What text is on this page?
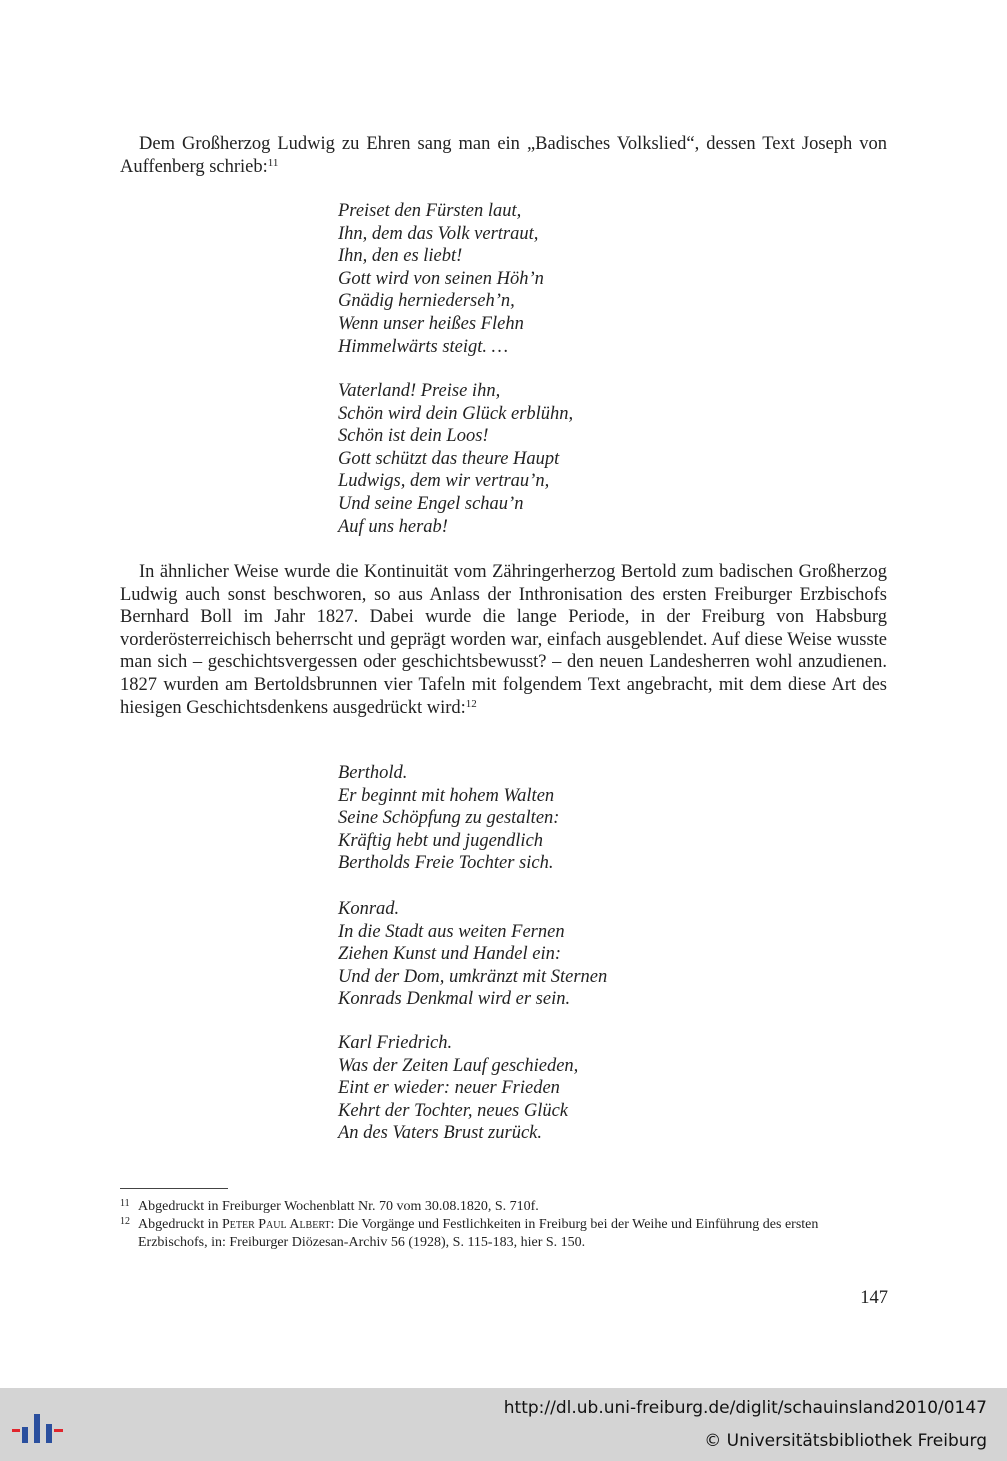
Dem Großherzog Ludwig zu Ehren sang man ein „Badisches Volkslied“, dessen Text Joseph von Auffenberg schrieb:$^{11}$

Preiset den Fürsten laut,
Ihn, dem das Volk vertraut,
Ihn, den es liebt!
Gott wird von seinen Höh’n
Gnädig herniederseh’n,
Wenn unser heißes Flehn
Himmelwärts steigt. …
Vaterland! Preise ihn,
Schön wird dein Glück erblühn,
Schön ist dein Loos!
Gott schützt das theure Haupt
Ludwigs, dem wir vertrau’n,
Und seine Engel schau’n
Auf uns herab!

In ähnlicher Weise wurde die Kontinuität vom Zähringerherzog Bertold zum badischen Großherzog Ludwig auch sonst beschworen, so aus Anlass der Inthronisation des ersten Freiburger Erzbischofs Bernhard Boll im Jahr 1827. Dabei wurde die lange Periode, in der Freiburg von Habsburg vorderösterreichisch beherrscht und geprägt worden war, einfach ausgeblendet. Auf diese Weise wusste man sich – geschichtsvergessen oder geschichtsbewusst? – den neuen Landesherren wohl anzudienen. 1827 wurden am Bertoldsbrunnen vier Tafeln mit folgendem Text angebracht, mit dem diese Art des hiesigen Geschichtsdenkens ausgedrückt wird:$^{12}$

Berthold.
Er beginnt mit hohem Walten
Seine Schöpfung zu gestalten:
Kräftig hebt und jugendlich
Bertholds Freie Tochter sich.
Konrad.
In die Stadt aus weiten Fernen
Ziehen Kunst und Handel ein:
Und der Dom, umkränzt mit Sternen
Konrads Denkmal wird er sein.
Karl Friedrich.
Was der Zeiten Lauf geschieden,
Eint er wieder: neuer Frieden
Kehrt der Tochter, neues Glück
An des Vaters Brust zurück.

11 Abgedruckt in Freiburger Wochenblatt Nr. 70 vom 30.08.1820, S. 710f.

12 Abgedruckt in Peter Paul Albert: Die Vorgänge und Festlichkeiten in Freiburg bei der Weihe und Einführung des ersten Erzbischofs, in: Freiburger Diözesan-Archiv 56 (1928), S. 115-183, hier S. 150.

147
http://dl.ub.uni-freiburg.de/diglit/schauinsland2010/0147
© Universitätsbibliothek Freiburg
